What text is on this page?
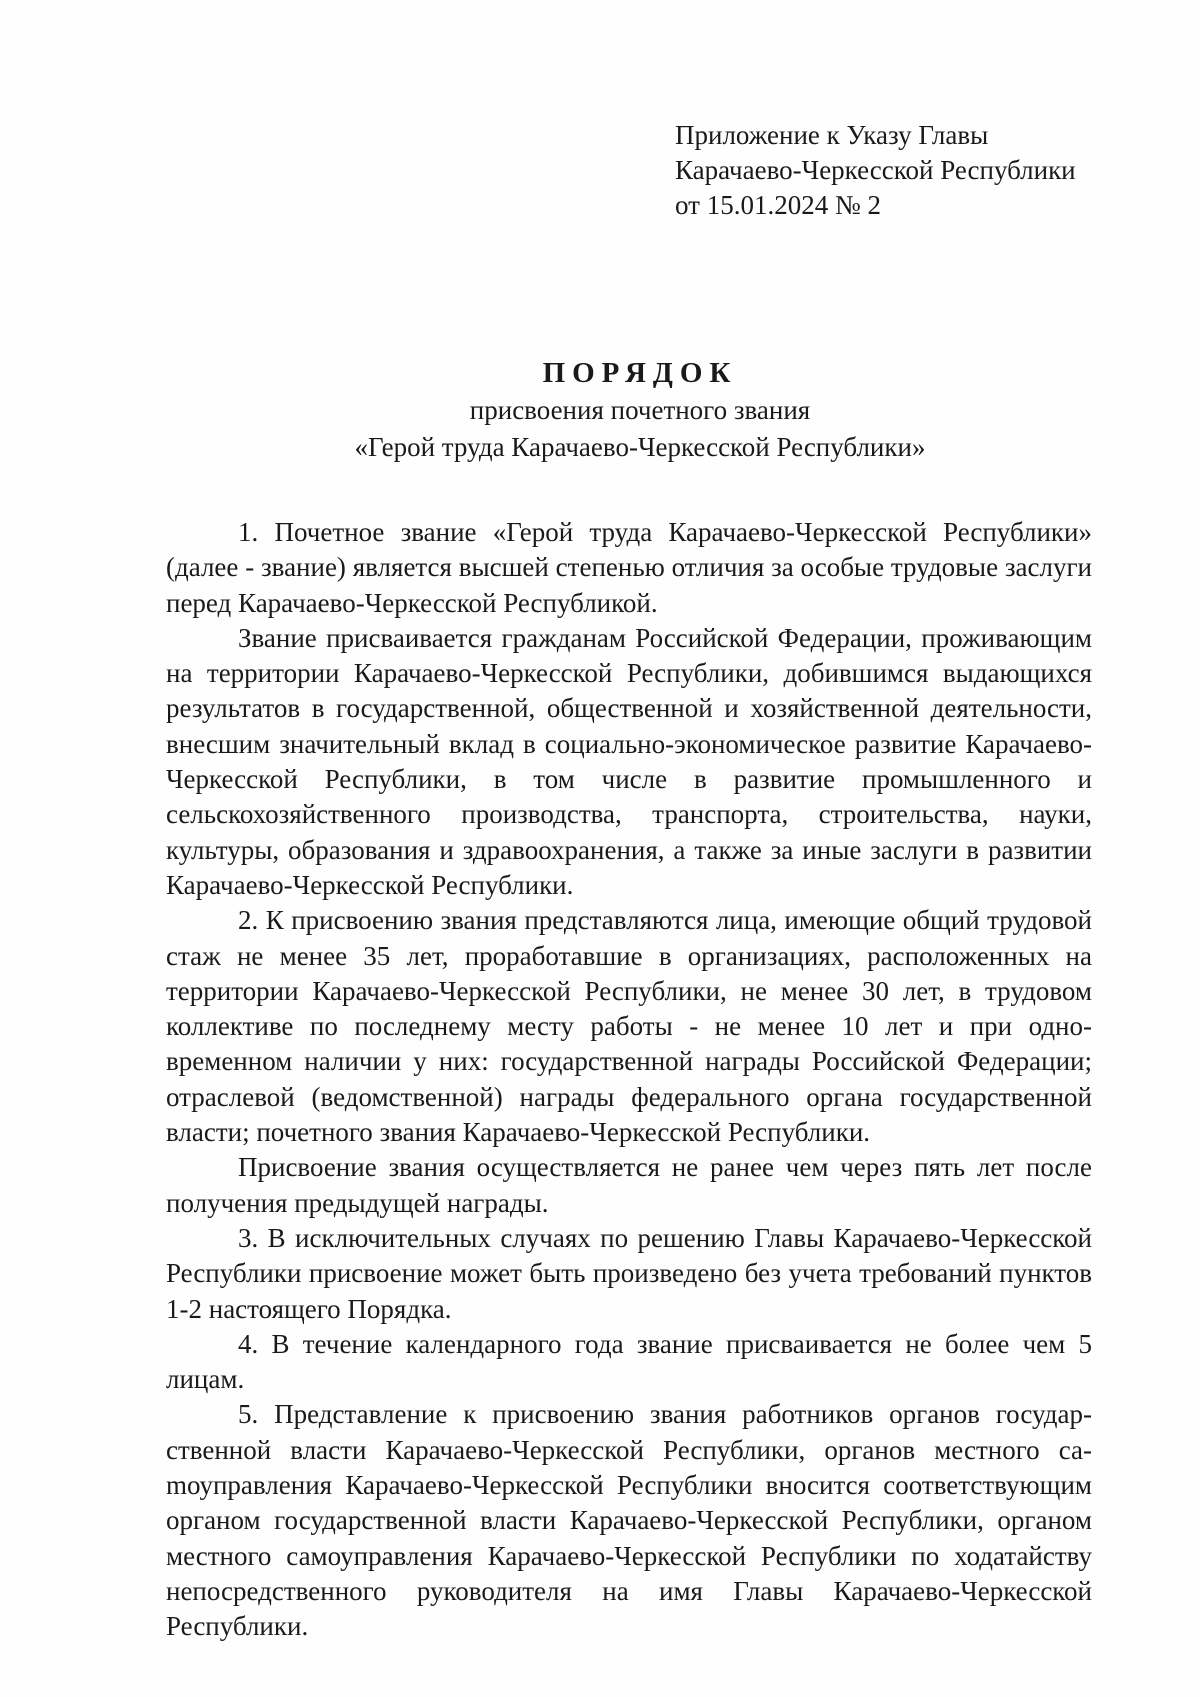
Приложение к Указу Главы
Карачаево-Черкесской Республики
от 15.01.2024 № 2
ПОРЯДОК
присвоения почетного звания
«Герой труда Карачаево-Черкесской Республики»

1. Почетное звание «Герой труда Карачаево-Черкесской Республики» (далее - звание) является высшей степенью отличия за особые трудовые заслуги перед Карачаево-Черкесской Республикой.

Звание присваивается гражданам Российской Федерации, проживающим на территории Карачаево-Черкесской Республики, добившимся выдающихся результатов в государственной, общественной и хозяйственной деятельности, внесшим значительный вклад в социально-экономическое развитие Карачаево-Черкесской Республики, в том числе в развитие промышленного и сельскохозяйственного производства, транспорта, строительства, науки, культуры, образования и здравоохранения, а также за иные заслуги в развитии Карачаево-Черкесской Республики.

2. К присвоению звания представляются лица, имеющие общий трудовой стаж не менее 35 лет, проработавшие в организациях, расположенных на территории Карачаево-Черкесской Республики, не менее 30 лет, в трудовом коллективе по последнему месту работы - не менее 10 лет и при одновременном наличии у них: государственной награды Российской Федерации; отраслевой (ведомственной) награды федерального органа государственной власти; почетного звания Карачаево-Черкесской Республики.

Присвоение звания осуществляется не ранее чем через пять лет после получения предыдущей награды.

3. В исключительных случаях по решению Главы Карачаево-Черкесской Республики присвоение может быть произведено без учета требований пунктов 1-2 настоящего Порядка.

4. В течение календарного года звание присваивается не более чем 5 лицам.

5. Представление к присвоению звания работников органов государственной власти Карачаево-Черкесской Республики, органов местного саmоуправления Карачаево-Черкесской Республики вносится соответствующим органом государственной власти Карачаево-Черкесской Республики, органом местного самоуправления Карачаево-Черкесской Республики по ходатайству непосредственного руководителя на имя Главы Карачаево-Черкесской Республики.
